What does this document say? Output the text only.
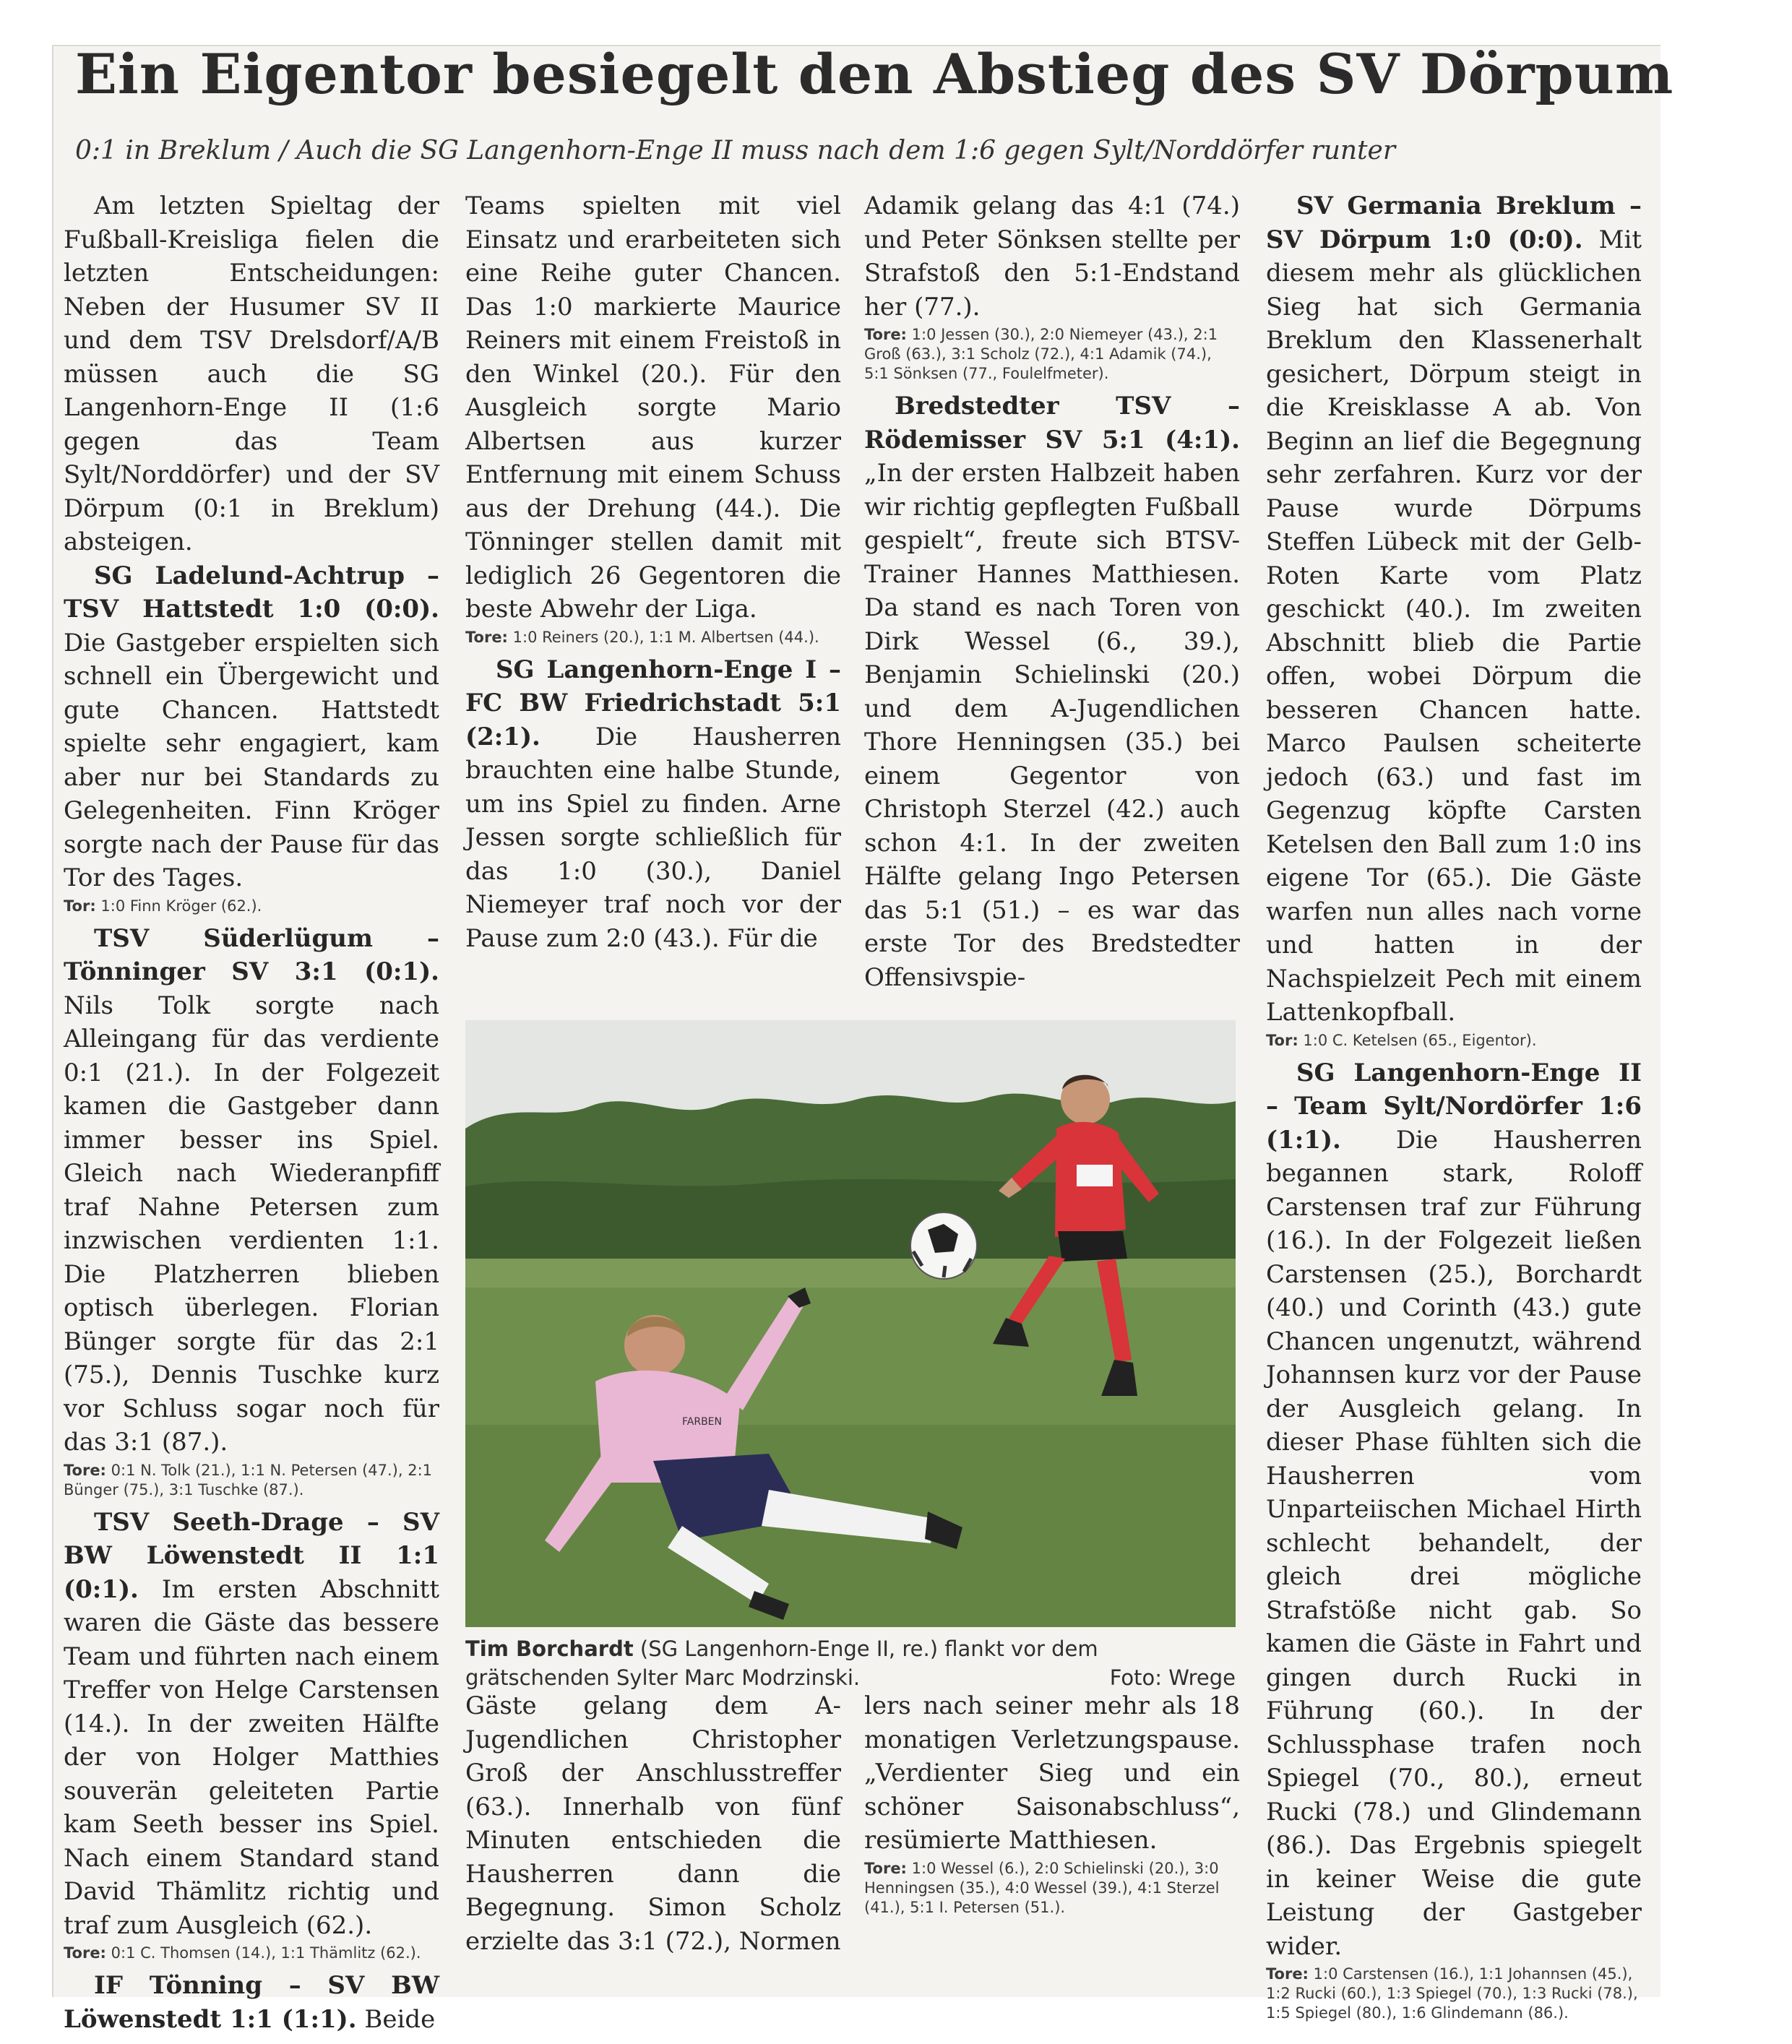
Ein Eigentor besiegelt den Abstieg des SV Dörpum
0:1 in Breklum / Auch die SG Langenhorn-Enge II muss nach dem 1:6 gegen Sylt/Norddörfer runter

Am letzten Spieltag der Fußball-Kreisliga fielen die letzten Entscheidungen: Neben der Husumer SV II und dem TSV Drelsdorf/A/B müssen auch die SG Langenhorn-Enge II (1:6 gegen das Team Sylt/Norddörfer) und der SV Dörpum (0:1 in Breklum) absteigen.

SG Ladelund-Achtrup – TSV Hattstedt 1:0 (0:0). Die Gastgeber erspielten sich schnell ein Übergewicht und gute Chancen. Hattstedt spielte sehr engagiert, kam aber nur bei Standards zu Gelegenheiten. Finn Kröger sorgte nach der Pause für das Tor des Tages.

Tor: 1:0 Finn Kröger (62.).

TSV Süderlügum – Tönninger SV 3:1 (0:1). Nils Tolk sorgte nach Alleingang für das verdiente 0:1 (21.). In der Folgezeit kamen die Gastgeber dann immer besser ins Spiel. Gleich nach Wiederanpfiff traf Nahne Petersen zum inzwischen verdienten 1:1. Die Platzherren blieben optisch überlegen. Florian Bünger sorgte für das 2:1 (75.), Dennis Tuschke kurz vor Schluss sogar noch für das 3:1 (87.).

Tore: 0:1 N. Tolk (21.), 1:1 N. Petersen (47.), 2:1 Bünger (75.), 3:1 Tuschke (87.).

TSV Seeth-Drage – SV BW Löwenstedt II 1:1 (0:1). Im ersten Abschnitt waren die Gäste das bessere Team und führten nach einem Treffer von Helge Carstensen (14.). In der zweiten Hälfte der von Holger Matthies souverän geleiteten Partie kam Seeth besser ins Spiel. Nach einem Standard stand David Thämlitz richtig und traf zum Ausgleich (62.).

Tore: 0:1 C. Thomsen (14.), 1:1 Thämlitz (62.).

IF Tönning – SV BW Löwenstedt 1:1 (1:1). Beide

Teams spielten mit viel Einsatz und erarbeiteten sich eine Reihe guter Chancen. Das 1:0 markierte Maurice Reiners mit einem Freistoß in den Winkel (20.). Für den Ausgleich sorgte Mario Albertsen aus kurzer Entfernung mit einem Schuss aus der Drehung (44.). Die Tönninger stellen damit mit lediglich 26 Gegentoren die beste Abwehr der Liga.

Tore: 1:0 Reiners (20.), 1:1 M. Albertsen (44.).

SG Langenhorn-Enge I – FC BW Friedrichstadt 5:1 (2:1). Die Hausherren brauchten eine halbe Stunde, um ins Spiel zu finden. Arne Jessen sorgte schließlich für das 1:0 (30.), Daniel Niemeyer traf noch vor der Pause zum 2:0 (43.). Für die

Adamik gelang das 4:1 (74.) und Peter Sönksen stellte per Strafstoß den 5:1-Endstand her (77.).

Tore: 1:0 Jessen (30.), 2:0 Niemeyer (43.), 2:1 Groß (63.), 3:1 Scholz (72.), 4:1 Adamik (74.), 5:1 Sönksen (77., Foulelfmeter).

Bredstedter TSV – Rödemisser SV 5:1 (4:1). „In der ersten Halbzeit haben wir richtig gepflegten Fußball gespielt“, freute sich BTSV-Trainer Hannes Matthiesen. Da stand es nach Toren von Dirk Wessel (6., 39.), Benjamin Schielinski (20.) und dem A-Jugendlichen Thore Henningsen (35.) bei einem Gegentor von Christoph Sterzel (42.) auch schon 4:1. In der zweiten Hälfte gelang Ingo Petersen das 5:1 (51.) – es war das erste Tor des Bredstedter Offensivspie-

SV Germania Breklum – SV Dörpum 1:0 (0:0). Mit diesem mehr als glücklichen Sieg hat sich Germania Breklum den Klassenerhalt gesichert, Dörpum steigt in die Kreisklasse A ab. Von Beginn an lief die Begegnung sehr zerfahren. Kurz vor der Pause wurde Dörpums Steffen Lübeck mit der Gelb-Roten Karte vom Platz geschickt (40.). Im zweiten Abschnitt blieb die Partie offen, wobei Dörpum die besseren Chancen hatte. Marco Paulsen scheiterte jedoch (63.) und fast im Gegenzug köpfte Carsten Ketelsen den Ball zum 1:0 ins eigene Tor (65.). Die Gäste warfen nun alles nach vorne und hatten in der Nachspielzeit Pech mit einem Lattenkopfball.

Tor: 1:0 C. Ketelsen (65., Eigentor).

SG Langenhorn-Enge II – Team Sylt/Nordörfer 1:6 (1:1). Die Hausherren begannen stark, Roloff Carstensen traf zur Führung (16.). In der Folgezeit ließen Carstensen (25.), Borchardt (40.) und Corinth (43.) gute Chancen ungenutzt, während Johannsen kurz vor der Pause der Ausgleich gelang. In dieser Phase fühlten sich die Hausherren vom Unparteiischen Michael Hirth schlecht behandelt, der gleich drei mögliche Strafstöße nicht gab. So kamen die Gäste in Fahrt und gingen durch Rucki in Führung (60.). In der Schlussphase trafen noch Spiegel (70., 80.), erneut Rucki (78.) und Glindemann (86.). Das Ergebnis spiegelt in keiner Weise die gute Leistung der Gastgeber wider.

Tore: 1:0 Carstensen (16.), 1:1 Johannsen (45.), 1:2 Rucki (60.), 1:3 Spiegel (70.), 1:3 Rucki (78.), 1:5 Spiegel (80.), 1:6 Glindemann (86.).

FARBEN
Tim Borchardt (SG Langenhorn-Enge II, re.) flankt vor dem grätschenden Sylter Marc Modrzinski.	Foto: Wrege

Gäste gelang dem A-Jugendlichen Christopher Groß der Anschlusstreffer (63.). Innerhalb von fünf Minuten entschieden die Hausherren dann die Begegnung. Simon Scholz erzielte das 3:1 (72.), Normen

lers nach seiner mehr als 18 monatigen Verletzungspause. „Verdienter Sieg und ein schöner Saisonabschluss“, resümierte Matthiesen.

Tore: 1:0 Wessel (6.), 2:0 Schielinski (20.), 3:0 Henningsen (35.), 4:0 Wessel (39.), 4:1 Sterzel (41.), 5:1 I. Petersen (51.).
